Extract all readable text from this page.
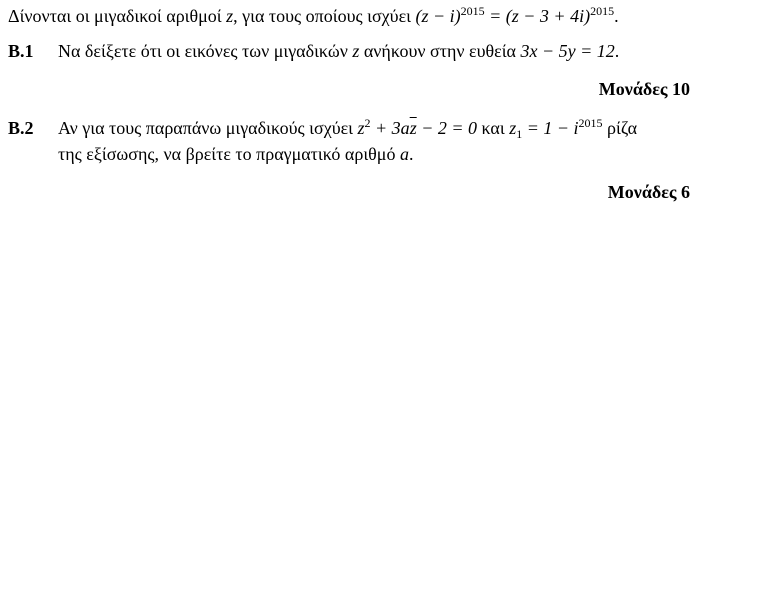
Δίνονται οι μιγαδικοί αριθμοί z, για τους οποίους ισχύει $(z - i)^{2015} = (z - 3 + 4i)^{2015}$.
Β.1 Να δείξετε ότι οι εικόνες των μιγαδικών z ανήκουν στην ευθεία 3x − 5y = 12.
Μονάδες 10
Β.2 Αν για τους παραπάνω μιγαδικούς ισχύει $z^2 + 3a\overline{z} - 2 = 0$ και $z_1 = 1 - i^{2015}$ ρίζα
της εξίσωσης, να βρείτε το πραγματικό αριθμό a.
Μονάδες 6
